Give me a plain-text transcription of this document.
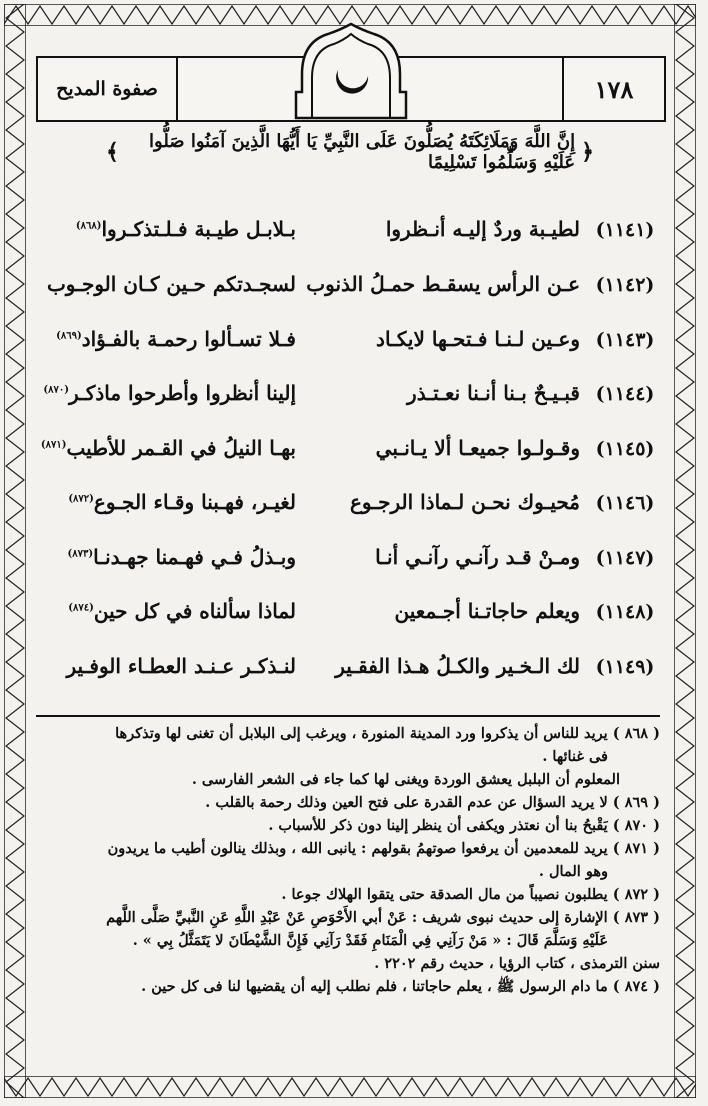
صفوة المديح	١٧٨
﴿
إِنَّ اللَّهَ وَمَلَائِكَتَهُ يُصَلُّونَ عَلَى النَّبِيِّ يَا أَيُّهَا الَّذِينَ آمَنُوا صَلُّوا عَلَيْهِ وَسَلِّمُوا تَسْلِيمًا
﴾
(١١٤١)
لطيـبة وردٌ إليـه أنـظروا
بـلابـل طيـبة فـلـتذكـروا$^{(٨٦٨)}$
(١١٤٢)
عـن الرأس يسقـط حمـلُ الذنوب
لسجـدتكم حـين كـان الوجـوب
(١١٤٣)
وعـين لـنـا فـتحـها لايكـاد
فـلا تسـألوا رحمـة بالفـؤاد$^{(٨٦٩)}$
(١١٤٤)
قبـيـحٌ بـنا أنـنا نعـتـذر
إلينا أنظروا وأطرحوا ماذكـر$^{(٨٧٠)}$
(١١٤٥)
وقـولـوا جميعـا ألا يـانـبي
بهـا النيلُ في القـمر للأطيب$^{(٨٧١)}$
(١١٤٦)
مُحيـوك نحـن لـماذا الرجـوع
لغيـر، فهـبنا وقـاء الجـوع$^{(٨٧٢)}$
(١١٤٧)
ومـنْ قـد رآنـي رآنـي أنـا
وبـذلُ فـي فهـمنا جهـدنـا$^{(٨٧٣)}$
(١١٤٨)
ويعلم حاجاتـنا أجـمعين
لماذا سألناه في كل حين$^{(٨٧٤)}$
(١١٤٩)
لك الـخـير والكـلُ هـذا الفقـير
لنـذكـر عـنـد العطـاء الوفـير

( ٨٦٨ ) يريد للناس أن يذكروا ورد المدينة المنورة ، ويرغب إلى البلابل أن تغنى لها وتذكرها
فى غنائها .

المعلوم أن البلبل يعشق الوردة ويغنى لها كما جاء فى الشعر الفارسى .

( ٨٦٩ ) لا يريد السؤال عن عدم القدرة على فتح العين وذلك رحمة بالقلب .

( ٨٧٠ ) يَقْبحُ بنا أن نعتذر ويكفى أن ينظر إلينا دون ذكر للأسباب .

( ٨٧١ ) يريد للمعدمين أن يرفعوا صوتهمُ بقولهم : يانبى الله ، وبذلك ينالون أطيب ما يريدون
وهو المال .

( ٨٧٢ ) يطلبون نصيباً من مال الصدقة حتى يتقوا الهلاك جوعا .

( ٨٧٣ ) الإشارة إلى حديث نبوى شريف : عَنْ أبي الأَحْوَصِ عَنْ عَبْدِ اللَّهِ عَنِ النَّبيِّ صَلَّى اللَّهم
عَلَيْهِ وَسَلَّمَ قَالَ : « مَنْ رَآنِي فِي الْمَنَامِ فَقَدْ رَآنِي فَإِنَّ الشَّيْطَانَ لا يَتَمَثَّلُ بِي » .

سنن الترمذى ، كتاب الرؤيا ، حديث رقم ٢٢٠٢ .

( ٨٧٤ ) ما دام الرسول ﷺ ، يعلم حاجاتنا ، فلم نطلب إليه أن يقضيها لنا فى كل حين .
